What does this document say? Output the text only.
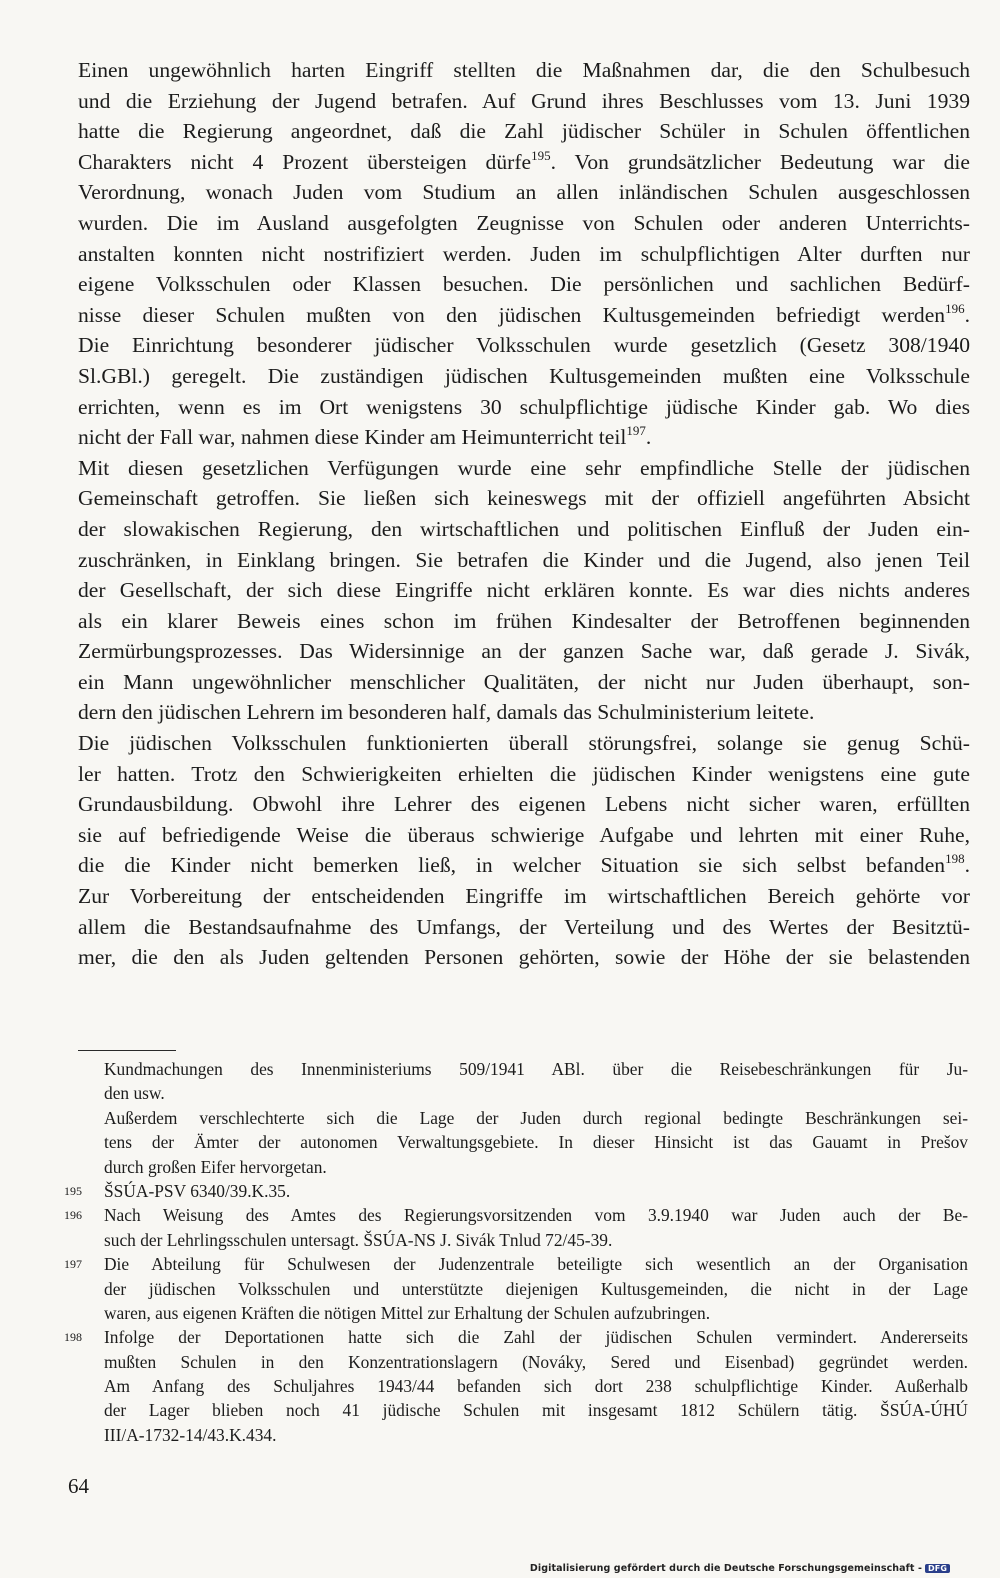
Einen ungewöhnlich harten Eingriff stellten die Maßnahmen dar, die den Schulbesuch
und die Erziehung der Jugend betrafen. Auf Grund ihres Beschlusses vom 13. Juni 1939
hatte die Regierung angeordnet, daß die Zahl jüdischer Schüler in Schulen öffentlichen
Charakters nicht 4 Prozent übersteigen dürfe$^{195}$. Von grundsätzlicher Bedeutung war die
Verordnung, wonach Juden vom Studium an allen inländischen Schulen ausgeschlossen
wurden. Die im Ausland ausgefolgten Zeugnisse von Schulen oder anderen Unterrichts-
anstalten konnten nicht nostrifiziert werden. Juden im schulpflichtigen Alter durften nur
eigene Volksschulen oder Klassen besuchen. Die persönlichen und sachlichen Bedürf-
nisse dieser Schulen mußten von den jüdischen Kultusgemeinden befriedigt werden$^{196}$.
Die Einrichtung besonderer jüdischer Volksschulen wurde gesetzlich (Gesetz 308/1940
Sl.GBl.) geregelt. Die zuständigen jüdischen Kultusgemeinden mußten eine Volksschule
errichten, wenn es im Ort wenigstens 30 schulpflichtige jüdische Kinder gab. Wo dies
nicht der Fall war, nahmen diese Kinder am Heimunterricht teil$^{197}$.
Mit diesen gesetzlichen Verfügungen wurde eine sehr empfindliche Stelle der jüdischen
Gemeinschaft getroffen. Sie ließen sich keineswegs mit der offiziell angeführten Absicht
der slowakischen Regierung, den wirtschaftlichen und politischen Einfluß der Juden ein-
zuschränken, in Einklang bringen. Sie betrafen die Kinder und die Jugend, also jenen Teil
der Gesellschaft, der sich diese Eingriffe nicht erklären konnte. Es war dies nichts anderes
als ein klarer Beweis eines schon im frühen Kindesalter der Betroffenen beginnenden
Zermürbungsprozesses. Das Widersinnige an der ganzen Sache war, daß gerade J. Sivák,
ein Mann ungewöhnlicher menschlicher Qualitäten, der nicht nur Juden überhaupt, son-
dern den jüdischen Lehrern im besonderen half, damals das Schulministerium leitete.
Die jüdischen Volksschulen funktionierten überall störungsfrei, solange sie genug Schü-
ler hatten. Trotz den Schwierigkeiten erhielten die jüdischen Kinder wenigstens eine gute
Grundausbildung. Obwohl ihre Lehrer des eigenen Lebens nicht sicher waren, erfüllten
sie auf befriedigende Weise die überaus schwierige Aufgabe und lehrten mit einer Ruhe,
die die Kinder nicht bemerken ließ, in welcher Situation sie sich selbst befanden$^{198}$.
Zur Vorbereitung der entscheidenden Eingriffe im wirtschaftlichen Bereich gehörte vor
allem die Bestandsaufnahme des Umfangs, der Verteilung und des Wertes der Besitztü-
mer, die den als Juden geltenden Personen gehörten, sowie der Höhe der sie belastenden
Kundmachungen des Innenministeriums 509/1941 ABl. über die Reisebeschränkungen für Ju-
den usw.
Außerdem verschlechterte sich die Lage der Juden durch regional bedingte Beschränkungen sei-
tens der Ämter der autonomen Verwaltungsgebiete. In dieser Hinsicht ist das Gauamt in Prešov
durch großen Eifer hervorgetan.
ŠSÚA-PSV 6340/39.K.35.
Nach Weisung des Amtes des Regierungsvorsitzenden vom 3.9.1940 war Juden auch der Be-
such der Lehrlingsschulen untersagt. ŠSÚA-NS J. Sivák Tnlud 72/45-39.
Die Abteilung für Schulwesen der Judenzentrale beteiligte sich wesentlich an der Organisation
der jüdischen Volksschulen und unterstützte diejenigen Kultusgemeinden, die nicht in der Lage
waren, aus eigenen Kräften die nötigen Mittel zur Erhaltung der Schulen aufzubringen.
Infolge der Deportationen hatte sich die Zahl der jüdischen Schulen vermindert. Andererseits
mußten Schulen in den Konzentrationslagern (Nováky, Sered und Eisenbad) gegründet werden.
Am Anfang des Schuljahres 1943/44 befanden sich dort 238 schulpflichtige Kinder. Außerhalb
der Lager blieben noch 41 jüdische Schulen mit insgesamt 1812 Schülern tätig. ŠSÚA-ÚHÚ
III/A-1732-14/43.K.434.
64
Digitalisierung gefördert durch die Deutsche Forschungsgemeinschaft - DFG
195
196
197
198
